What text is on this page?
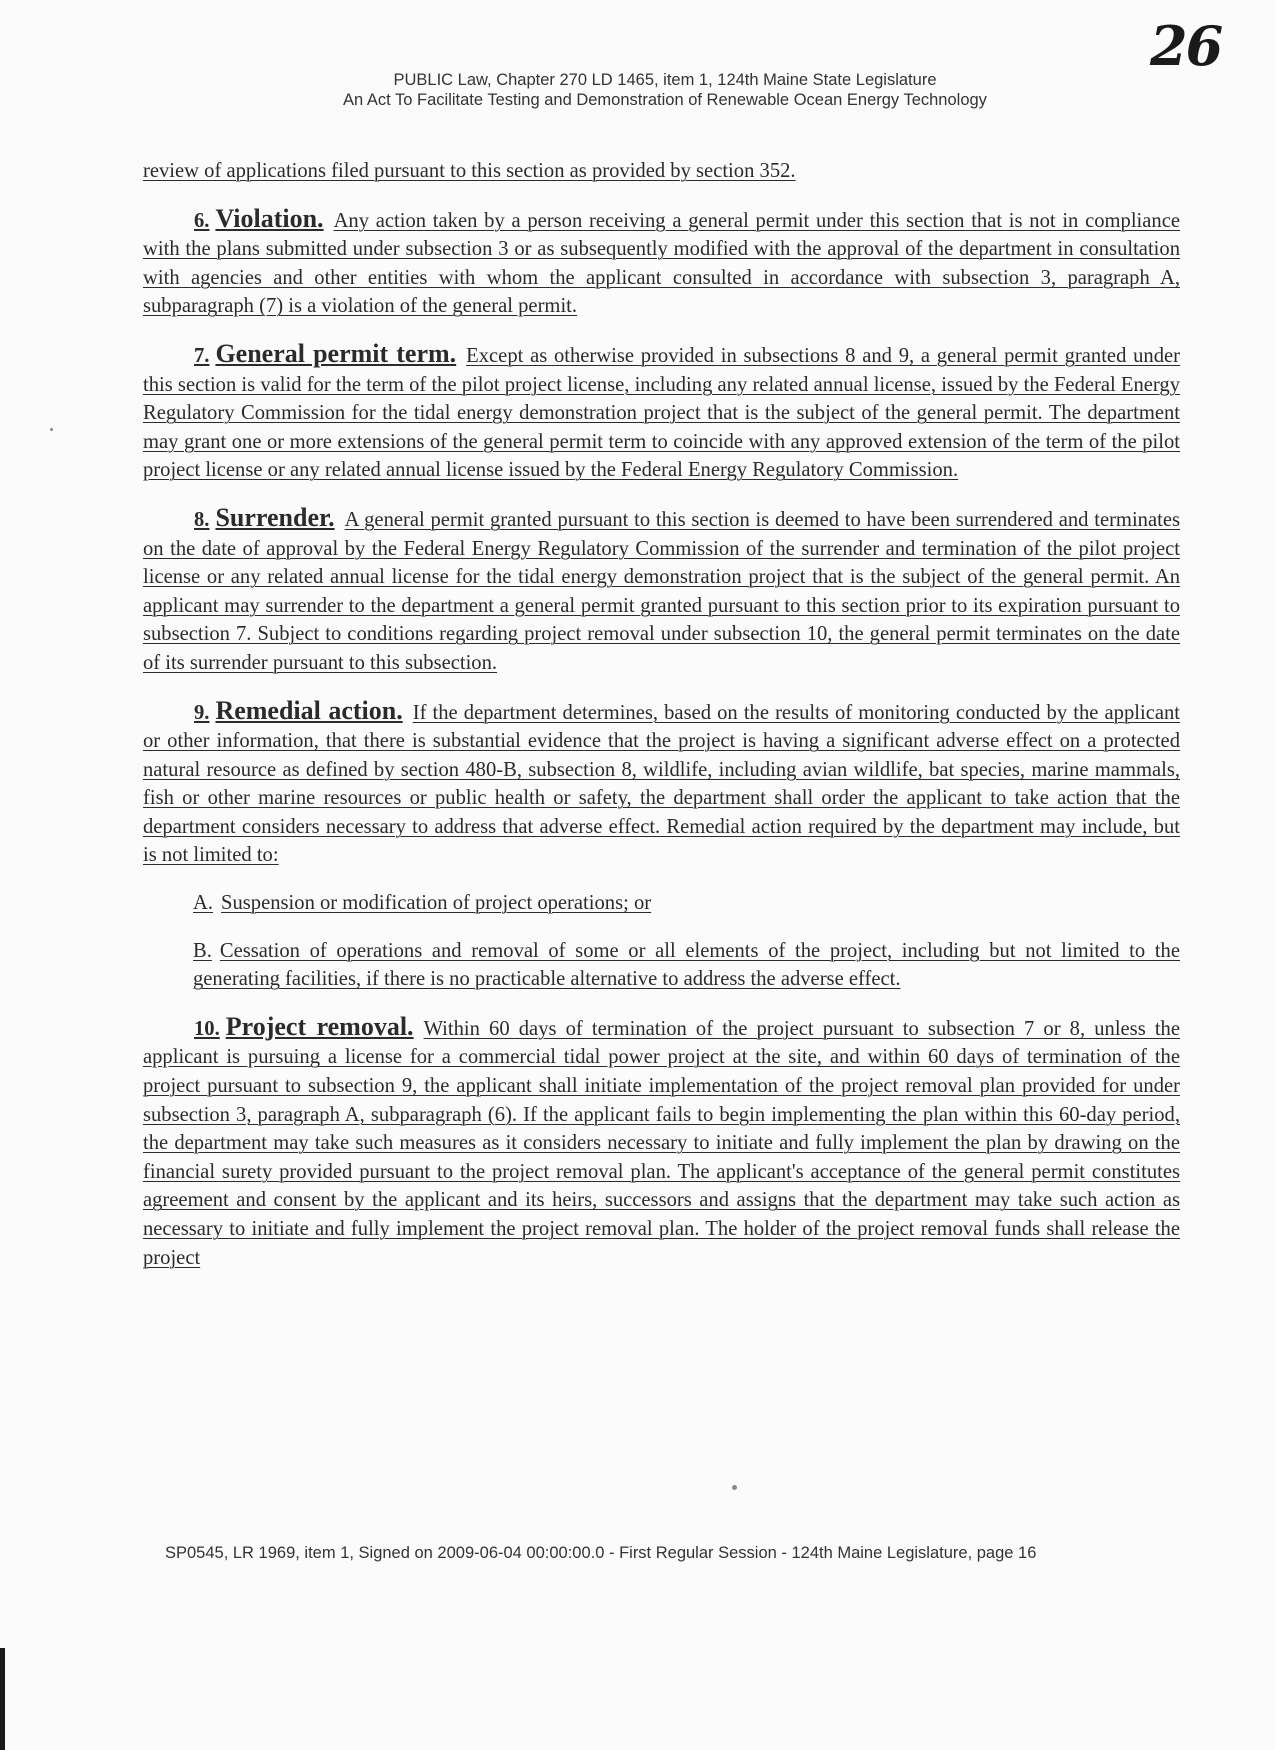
26
PUBLIC Law, Chapter 270 LD 1465, item 1, 124th Maine State Legislature
An Act To Facilitate Testing and Demonstration of Renewable Ocean Energy Technology

review of applications filed pursuant to this section as provided by section 352.

6. Violation. Any action taken by a person receiving a general permit under this section that is not in compliance with the plans submitted under subsection 3 or as subsequently modified with the approval of the department in consultation with agencies and other entities with whom the applicant consulted in accordance with subsection 3, paragraph A, subparagraph (7) is a violation of the general permit.

7. General permit term. Except as otherwise provided in subsections 8 and 9, a general permit granted under this section is valid for the term of the pilot project license, including any related annual license, issued by the Federal Energy Regulatory Commission for the tidal energy demonstration project that is the subject of the general permit. The department may grant one or more extensions of the general permit term to coincide with any approved extension of the term of the pilot project license or any related annual license issued by the Federal Energy Regulatory Commission.

8. Surrender. A general permit granted pursuant to this section is deemed to have been surrendered and terminates on the date of approval by the Federal Energy Regulatory Commission of the surrender and termination of the pilot project license or any related annual license for the tidal energy demonstration project that is the subject of the general permit. An applicant may surrender to the department a general permit granted pursuant to this section prior to its expiration pursuant to subsection 7. Subject to conditions regarding project removal under subsection 10, the general permit terminates on the date of its surrender pursuant to this subsection.

9. Remedial action. If the department determines, based on the results of monitoring conducted by the applicant or other information, that there is substantial evidence that the project is having a significant adverse effect on a protected natural resource as defined by section 480-B, subsection 8, wildlife, including avian wildlife, bat species, marine mammals, fish or other marine resources or public health or safety, the department shall order the applicant to take action that the department considers necessary to address that adverse effect. Remedial action required by the department may include, but is not limited to:

A. Suspension or modification of project operations; or

B. Cessation of operations and removal of some or all elements of the project, including but not limited to the generating facilities, if there is no practicable alternative to address the adverse effect.

10. Project removal. Within 60 days of termination of the project pursuant to subsection 7 or 8, unless the applicant is pursuing a license for a commercial tidal power project at the site, and within 60 days of termination of the project pursuant to subsection 9, the applicant shall initiate implementation of the project removal plan provided for under subsection 3, paragraph A, subparagraph (6). If the applicant fails to begin implementing the plan within this 60-day period, the department may take such measures as it considers necessary to initiate and fully implement the plan by drawing on the financial surety provided pursuant to the project removal plan. The applicant's acceptance of the general permit constitutes agreement and consent by the applicant and its heirs, successors and assigns that the department may take such action as necessary to initiate and fully implement the project removal plan. The holder of the project removal funds shall release the project

SP0545, LR 1969, item 1, Signed on 2009-06-04 00:00:00.0 - First Regular Session - 124th Maine Legislature, page 16
